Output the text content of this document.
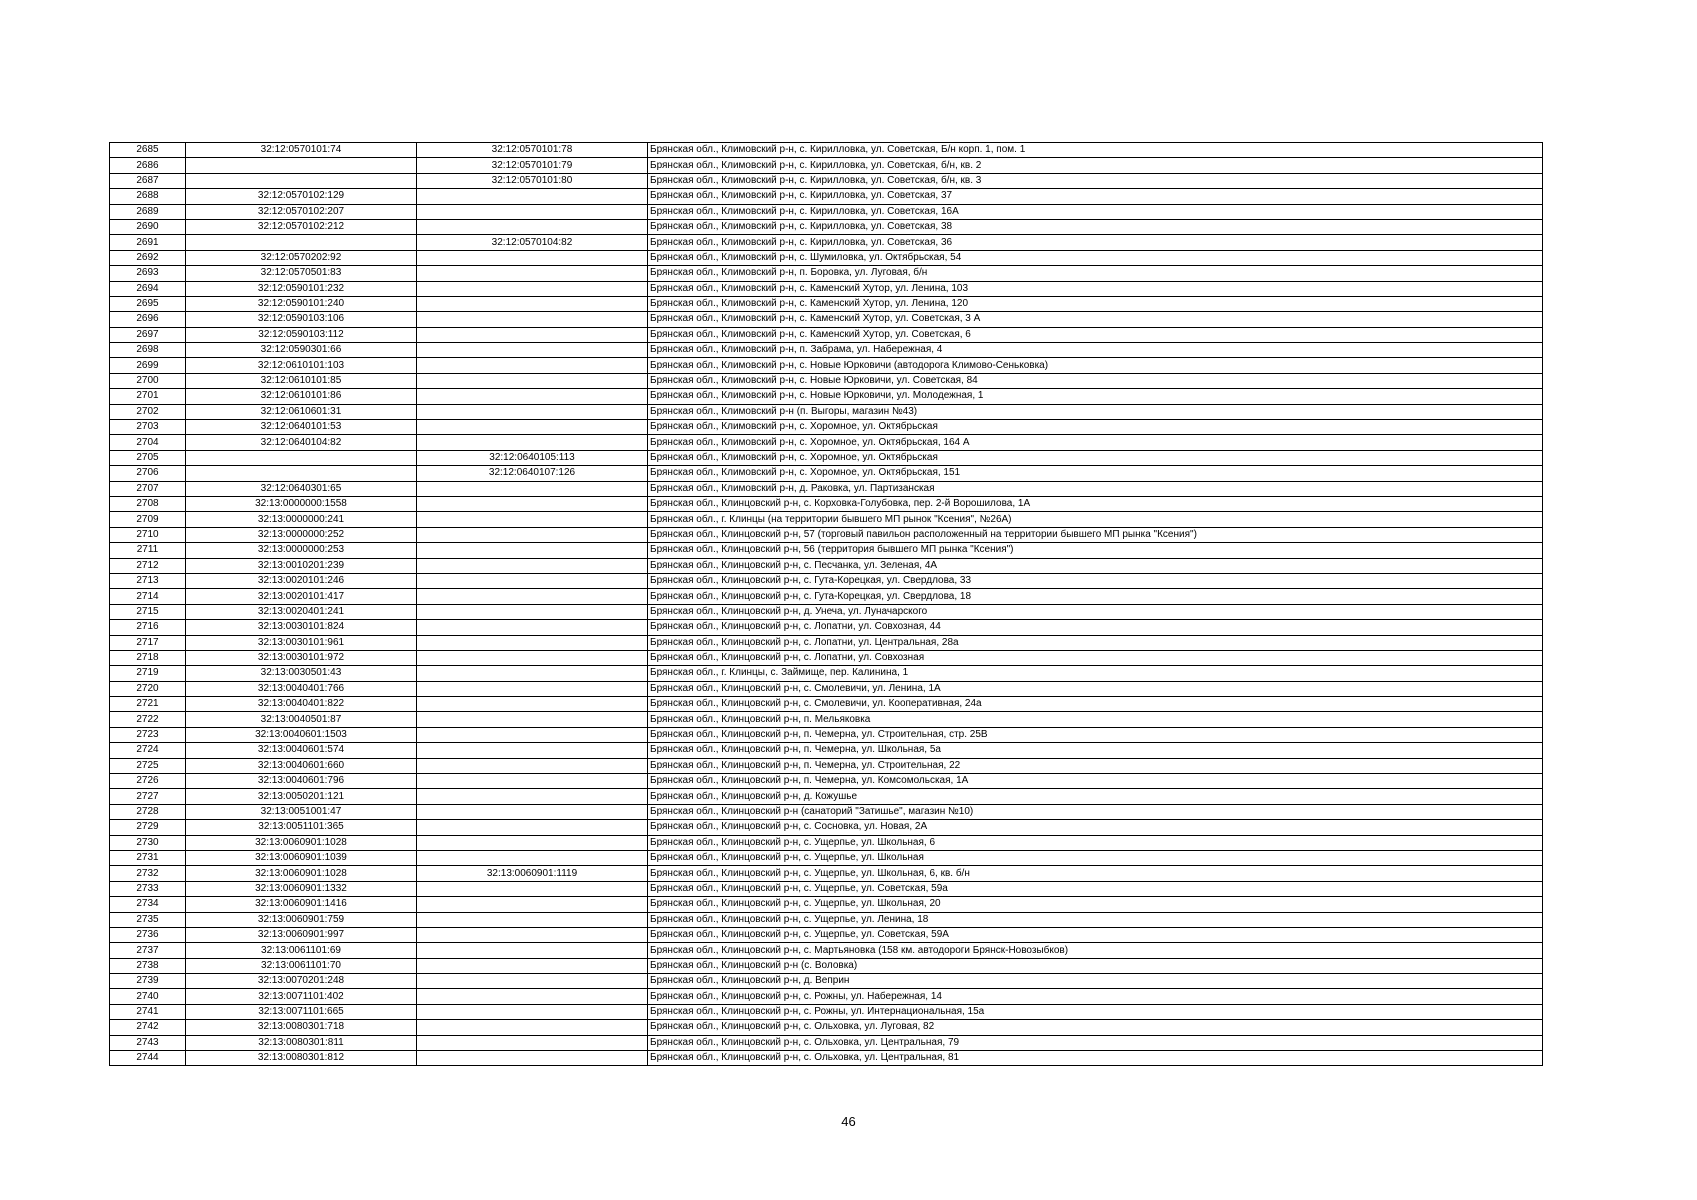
2685	32:12:0570101:74	32:12:0570101:78	Брянская обл., Климовский р-н, с. Кирилловка, ул. Советская, Б/н корп. 1, пом. 1
2686		32:12:0570101:79	Брянская обл., Климовский р-н, с. Кирилловка, ул. Советская, б/н, кв. 2
2687		32:12:0570101:80	Брянская обл., Климовский р-н, с. Кирилловка, ул. Советская, б/н, кв. 3
2688	32:12:0570102:129		Брянская обл., Климовский р-н, с. Кирилловка, ул. Советская, 37
2689	32:12:0570102:207		Брянская обл., Климовский р-н, с. Кирилловка, ул. Советская, 16А
2690	32:12:0570102:212		Брянская обл., Климовский р-н, с. Кирилловка, ул. Советская, 38
2691		32:12:0570104:82	Брянская обл., Климовский р-н, с. Кирилловка, ул. Советская, 36
2692	32:12:0570202:92		Брянская обл., Климовский р-н, с. Шумиловка, ул. Октябрьская, 54
2693	32:12:0570501:83		Брянская обл., Климовский р-н, п. Боровка, ул. Луговая, б/н
2694	32:12:0590101:232		Брянская обл., Климовский р-н, с. Каменский Хутор, ул. Ленина, 103
2695	32:12:0590101:240		Брянская обл., Климовский р-н, с. Каменский Хутор, ул. Ленина, 120
2696	32:12:0590103:106		Брянская обл., Климовский р-н, с. Каменский Хутор, ул. Советская, 3 А
2697	32:12:0590103:112		Брянская обл., Климовский р-н, с. Каменский Хутор, ул. Советская, 6
2698	32:12:0590301:66		Брянская обл., Климовский р-н, п. Забрама, ул. Набережная, 4
2699	32:12:0610101:103		Брянская обл., Климовский р-н, с. Новые Юрковичи (автодорога Климово-Сеньковка)
2700	32:12:0610101:85		Брянская обл., Климовский р-н, с. Новые Юрковичи, ул. Советская, 84
2701	32:12:0610101:86		Брянская обл., Климовский р-н, с. Новые Юрковичи, ул. Молодежная, 1
2702	32:12:0610601:31		Брянская обл., Климовский р-н (п. Выгоры, магазин №43)
2703	32:12:0640101:53		Брянская обл., Климовский р-н, с. Хоромное, ул. Октябрьская
2704	32:12:0640104:82		Брянская обл., Климовский р-н, с. Хоромное, ул. Октябрьская, 164 А
2705		32:12:0640105:113	Брянская обл., Климовский р-н, с. Хоромное, ул. Октябрьская
2706		32:12:0640107:126	Брянская обл., Климовский р-н, с. Хоромное, ул. Октябрьская, 151
2707	32:12:0640301:65		Брянская обл., Климовский р-н, д. Раковка, ул. Партизанская
2708	32:13:0000000:1558		Брянская обл., Клинцовский р-н, с. Корховка-Голубовка, пер. 2-й Ворошилова, 1А
2709	32:13:0000000:241		Брянская обл., г. Клинцы (на территории бывшего МП рынок "Ксения", №26А)
2710	32:13:0000000:252		Брянская обл., Клинцовский р-н, 57 (торговый павильон расположенный на территории бывшего МП рынка "Ксения")
2711	32:13:0000000:253		Брянская обл., Клинцовский р-н, 56 (территория бывшего МП рынка "Ксения")
2712	32:13:0010201:239		Брянская обл., Клинцовский р-н, с. Песчанка, ул. Зеленая, 4А
2713	32:13:0020101:246		Брянская обл., Клинцовский р-н, с. Гута-Корецкая, ул. Свердлова, 33
2714	32:13:0020101:417		Брянская обл., Клинцовский р-н, с. Гута-Корецкая, ул. Свердлова, 18
2715	32:13:0020401:241		Брянская обл., Клинцовский р-н, д. Унеча, ул. Луначарского
2716	32:13:0030101:824		Брянская обл., Клинцовский р-н, с. Лопатни, ул. Совхозная, 44
2717	32:13:0030101:961		Брянская обл., Клинцовский р-н, с. Лопатни, ул. Центральная, 28а
2718	32:13:0030101:972		Брянская обл., Клинцовский р-н, с. Лопатни, ул. Совхозная
2719	32:13:0030501:43		Брянская обл., г. Клинцы, с. Займище, пер. Калинина, 1
2720	32:13:0040401:766		Брянская обл., Клинцовский р-н, с. Смолевичи, ул. Ленина, 1А
2721	32:13:0040401:822		Брянская обл., Клинцовский р-н, с. Смолевичи, ул. Кооперативная, 24а
2722	32:13:0040501:87		Брянская обл., Клинцовский р-н, п. Мельяковка
2723	32:13:0040601:1503		Брянская обл., Клинцовский р-н, п. Чемерна, ул. Строительная, стр. 25В
2724	32:13:0040601:574		Брянская обл., Клинцовский р-н, п. Чемерна, ул. Школьная, 5а
2725	32:13:0040601:660		Брянская обл., Клинцовский р-н, п. Чемерна, ул. Строительная, 22
2726	32:13:0040601:796		Брянская обл., Клинцовский р-н, п. Чемерна, ул. Комсомольская, 1А
2727	32:13:0050201:121		Брянская обл., Клинцовский р-н, д. Кожушье
2728	32:13:0051001:47		Брянская обл., Клинцовский р-н (санаторий "Затишье", магазин №10)
2729	32:13:0051101:365		Брянская обл., Клинцовский р-н, с. Сосновка, ул. Новая, 2А
2730	32:13:0060901:1028		Брянская обл., Клинцовский р-н, с. Ущерпье, ул. Школьная, 6
2731	32:13:0060901:1039		Брянская обл., Клинцовский р-н, с. Ущерпье, ул. Школьная
2732	32:13:0060901:1028	32:13:0060901:1119	Брянская обл., Клинцовский р-н, с. Ущерпье, ул. Школьная, 6, кв. б/н
2733	32:13:0060901:1332		Брянская обл., Клинцовский р-н, с. Ущерпье, ул. Советская, 59а
2734	32:13:0060901:1416		Брянская обл., Клинцовский р-н, с. Ущерпье, ул. Школьная, 20
2735	32:13:0060901:759		Брянская обл., Клинцовский р-н, с. Ущерпье, ул. Ленина, 18
2736	32:13:0060901:997		Брянская обл., Клинцовский р-н, с. Ущерпье, ул. Советская, 59А
2737	32:13:0061101:69		Брянская обл., Клинцовский р-н, с. Мартьяновка (158 км. автодороги Брянск-Новозыбков)
2738	32:13:0061101:70		Брянская обл., Клинцовский р-н (с. Воловка)
2739	32:13:0070201:248		Брянская обл., Клинцовский р-н, д. Веприн
2740	32:13:0071101:402		Брянская обл., Клинцовский р-н, с. Рожны, ул. Набережная, 14
2741	32:13:0071101:665		Брянская обл., Клинцовский р-н, с. Рожны, ул. Интернациональная, 15а
2742	32:13:0080301:718		Брянская обл., Клинцовский р-н, с. Ольховка, ул. Луговая, 82
2743	32:13:0080301:811		Брянская обл., Клинцовский р-н, с. Ольховка, ул. Центральная, 79
2744	32:13:0080301:812		Брянская обл., Клинцовский р-н, с. Ольховка, ул. Центральная, 81
46
